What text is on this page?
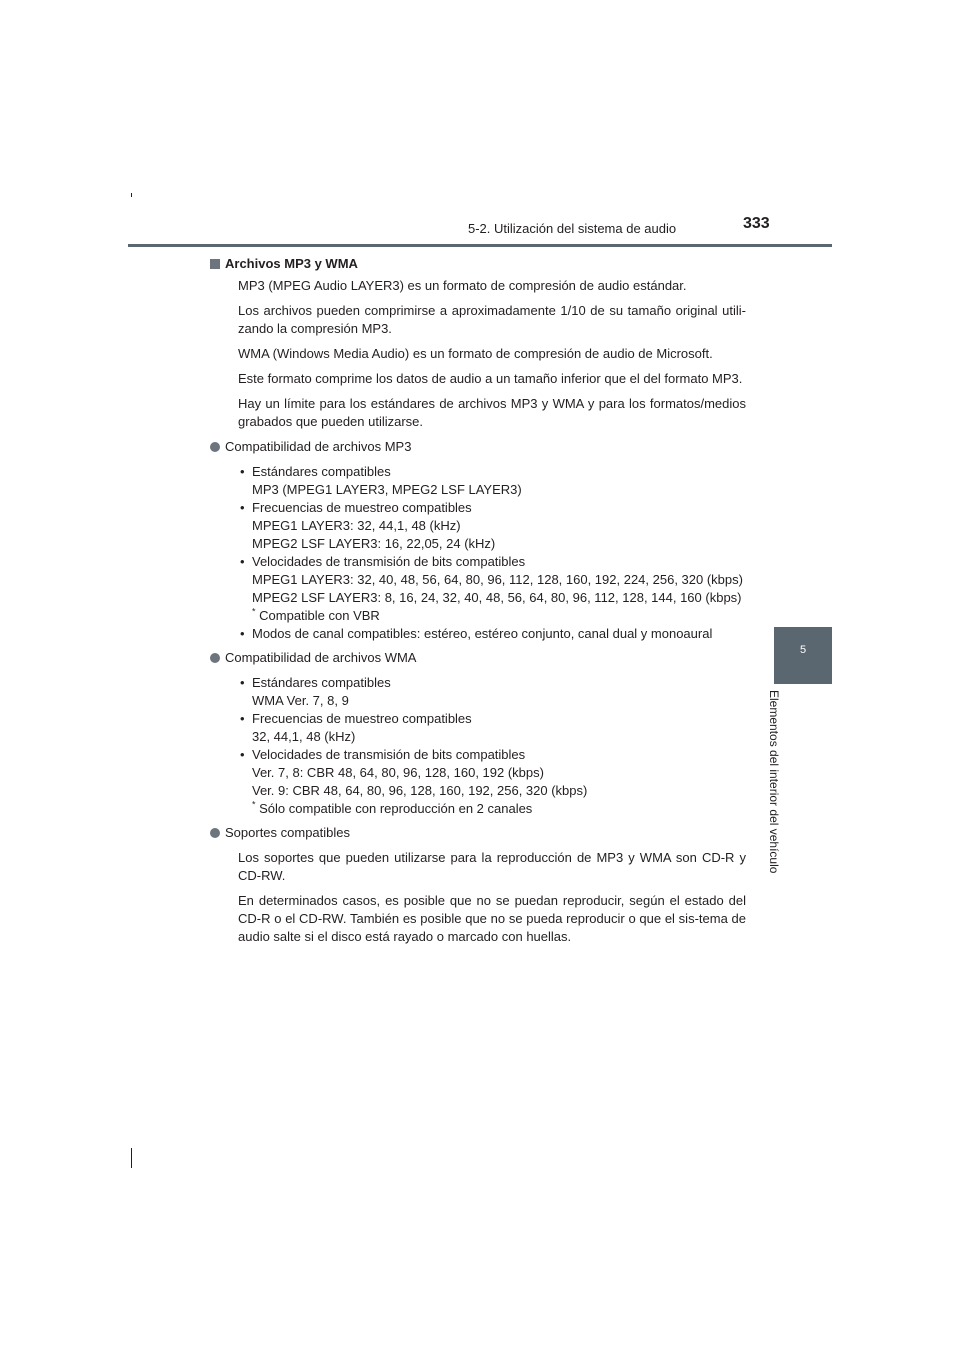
5-2. Utilización del sistema de audio	333
5
Elementos del interior del vehículo
Archivos MP3 y WMA

MP3 (MPEG Audio LAYER3) es un formato de compresión de audio estándar.

Los archivos pueden comprimirse a aproximadamente 1/10 de su tamaño original utili-zando la compresión MP3.

WMA (Windows Media Audio) es un formato de compresión de audio de Microsoft.

Este formato comprime los datos de audio a un tamaño inferior que el del formato MP3.

Hay un límite para los estándares de archivos MP3 y WMA y para los formatos/medios grabados que pueden utilizarse.

Compatibilidad de archivos MP3
• Estándares compatibles
MP3 (MPEG1 LAYER3, MPEG2 LSF LAYER3)
• Frecuencias de muestreo compatibles
MPEG1 LAYER3: 32, 44,1, 48 (kHz)
MPEG2 LSF LAYER3: 16, 22,05, 24 (kHz)
• Velocidades de transmisión de bits compatibles
MPEG1 LAYER3: 32, 40, 48, 56, 64, 80, 96, 112, 128, 160, 192, 224, 256, 320 (kbps)
MPEG2 LSF LAYER3: 8, 16, 24, 32, 40, 48, 56, 64, 80, 96, 112, 128, 144, 160 (kbps)
* Compatible con VBR
• Modos de canal compatibles: estéreo, estéreo conjunto, canal dual y monoaural
Compatibilidad de archivos WMA
• Estándares compatibles
WMA Ver. 7, 8, 9
• Frecuencias de muestreo compatibles
32, 44,1, 48 (kHz)
• Velocidades de transmisión de bits compatibles
Ver. 7, 8: CBR 48, 64, 80, 96, 128, 160, 192 (kbps)
Ver. 9: CBR 48, 64, 80, 96, 128, 160, 192, 256, 320 (kbps)
* Sólo compatible con reproducción en 2 canales
Soportes compatibles

Los soportes que pueden utilizarse para la reproducción de MP3 y WMA son CD-R y CD-RW.

En determinados casos, es posible que no se puedan reproducir, según el estado del CD-R o el CD-RW. También es posible que no se pueda reproducir o que el sis-tema de audio salte si el disco está rayado o marcado con huellas.
